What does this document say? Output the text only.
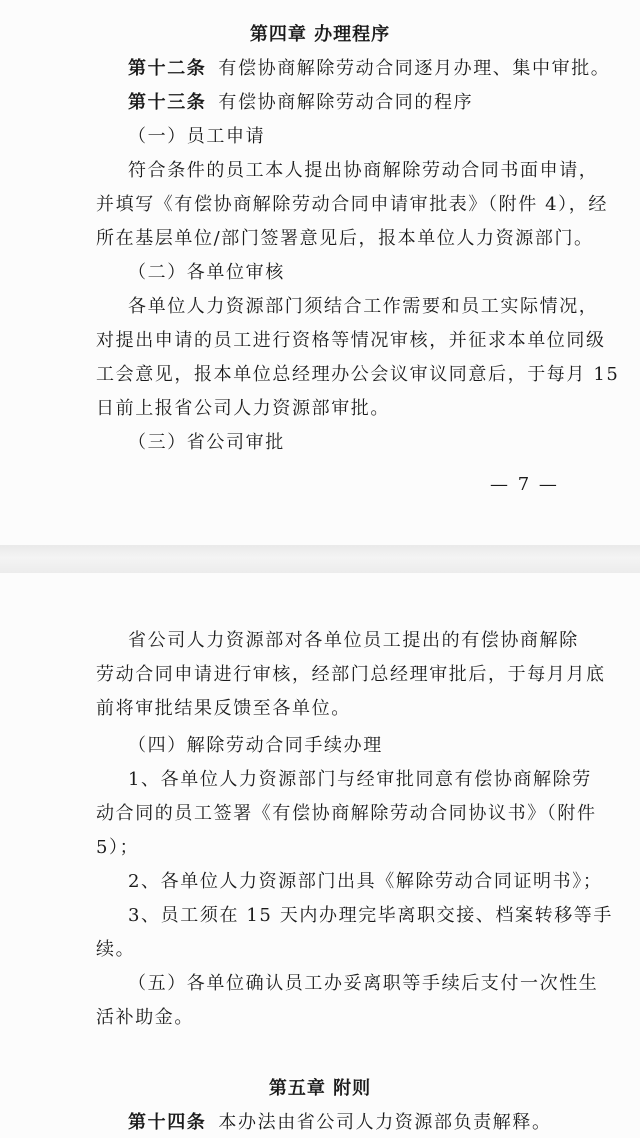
第四章 办理程序
第十二条 有偿协商解除劳动合同逐月办理、集中审批。
第十三条 有偿协商解除劳动合同的程序
（一）员工申请
符合条件的员工本人提出协商解除劳动合同书面申请，
并填写《有偿协商解除劳动合同申请审批表》（附件 4），经
所在基层单位/部门签署意见后，报本单位人力资源部门。
（二）各单位审核
各单位人力资源部门须结合工作需要和员工实际情况，
对提出申请的员工进行资格等情况审核，并征求本单位同级
工会意见，报本单位总经理办公会议审议同意后，于每月 15
日前上报省公司人力资源部审批。
（三）省公司审批
— 7 —
省公司人力资源部对各单位员工提出的有偿协商解除
劳动合同申请进行审核，经部门总经理审批后，于每月月底
前将审批结果反馈至各单位。
（四）解除劳动合同手续办理
1、各单位人力资源部门与经审批同意有偿协商解除劳
动合同的员工签署《有偿协商解除劳动合同协议书》（附件
5）；
2、各单位人力资源部门出具《解除劳动合同证明书》；
3、员工须在 15 天内办理完毕离职交接、档案转移等手
续。
（五）各单位确认员工办妥离职等手续后支付一次性生
活补助金。
第五章 附则
第十四条 本办法由省公司人力资源部负责解释。
